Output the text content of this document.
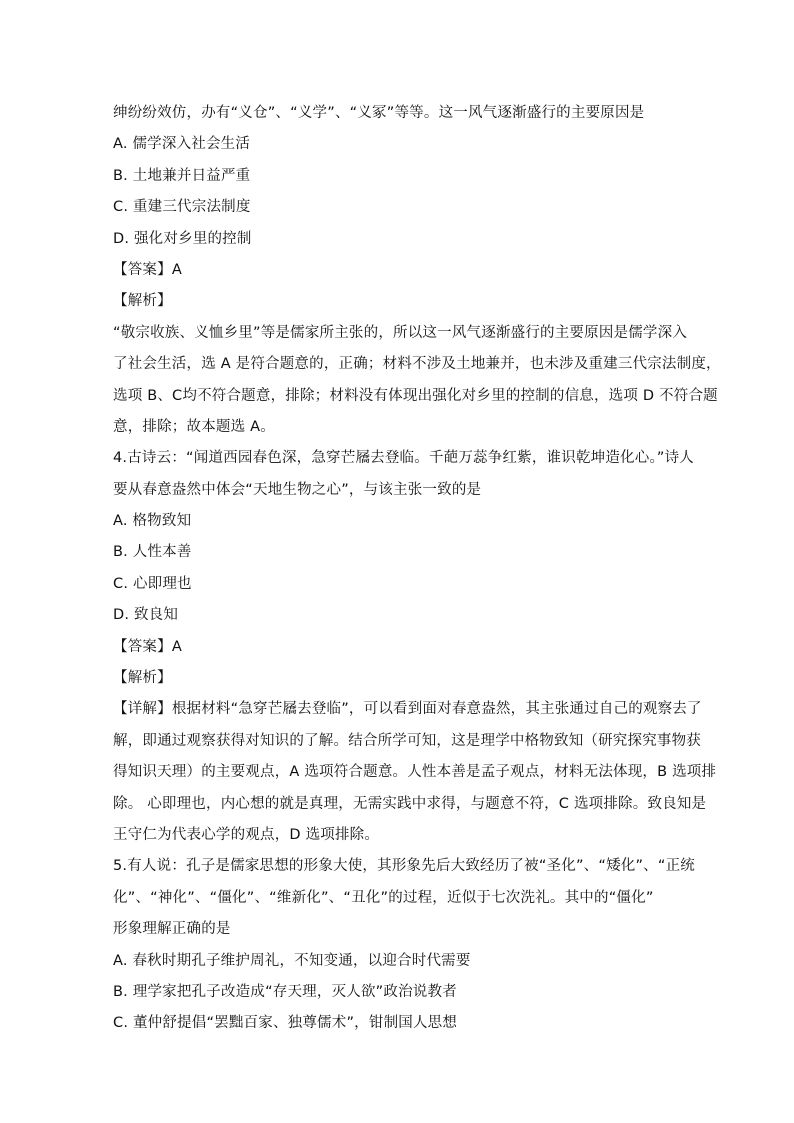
绅纷纷效仿，办有“义仓”、“义学”、“义冢”等等。这一风气逐渐盛行的主要原因是
A. 儒学深入社会生活
B. 土地兼并日益严重
C. 重建三代宗法制度
D. 强化对乡里的控制
【答案】A
【解析】
“敬宗收族、义恤乡里”等是儒家所主张的，所以这一风气逐渐盛行的主要原因是儒学深入
了社会生活，选 A 是符合题意的，正确；材料不涉及土地兼并，也未涉及重建三代宗法制度，
选项 B、C均不符合题意，排除；材料没有体现出强化对乡里的控制的信息，选项 D 不符合题
意，排除；故本题选 A。
4.古诗云：“闻道西园春色深，急穿芒屩去登临。千葩万蕊争红紫，谁识乾坤造化心。”诗人
要从春意盎然中体会“天地生物之心”，与该主张一致的是
A. 格物致知
B. 人性本善
C. 心即理也
D. 致良知
【答案】A
【解析】
【详解】根据材料“急穿芒屩去登临”，可以看到面对春意盎然，其主张通过自己的观察去了
解，即通过观察获得对知识的了解。结合所学可知，这是理学中格物致知（研究探究事物获
得知识天理）的主要观点，A 选项符合题意。人性本善是孟子观点，材料无法体现，B 选项排
除。 心即理也，内心想的就是真理，无需实践中求得，与题意不符，C 选项排除。致良知是
王守仁为代表心学的观点，D 选项排除。
5.有人说：孔子是儒家思想的形象大使，其形象先后大致经历了被“圣化”、“矮化”、“正统
化”、“神化”、“僵化”、“维新化”、“丑化”的过程，近似于七次洗礼。其中的“僵化”
形象理解正确的是
A. 春秋时期孔子维护周礼，不知变通，以迎合时代需要
B. 理学家把孔子改造成“存天理，灭人欲”政治说教者
C. 董仲舒提倡“罢黜百家、独尊儒术”，钳制国人思想
